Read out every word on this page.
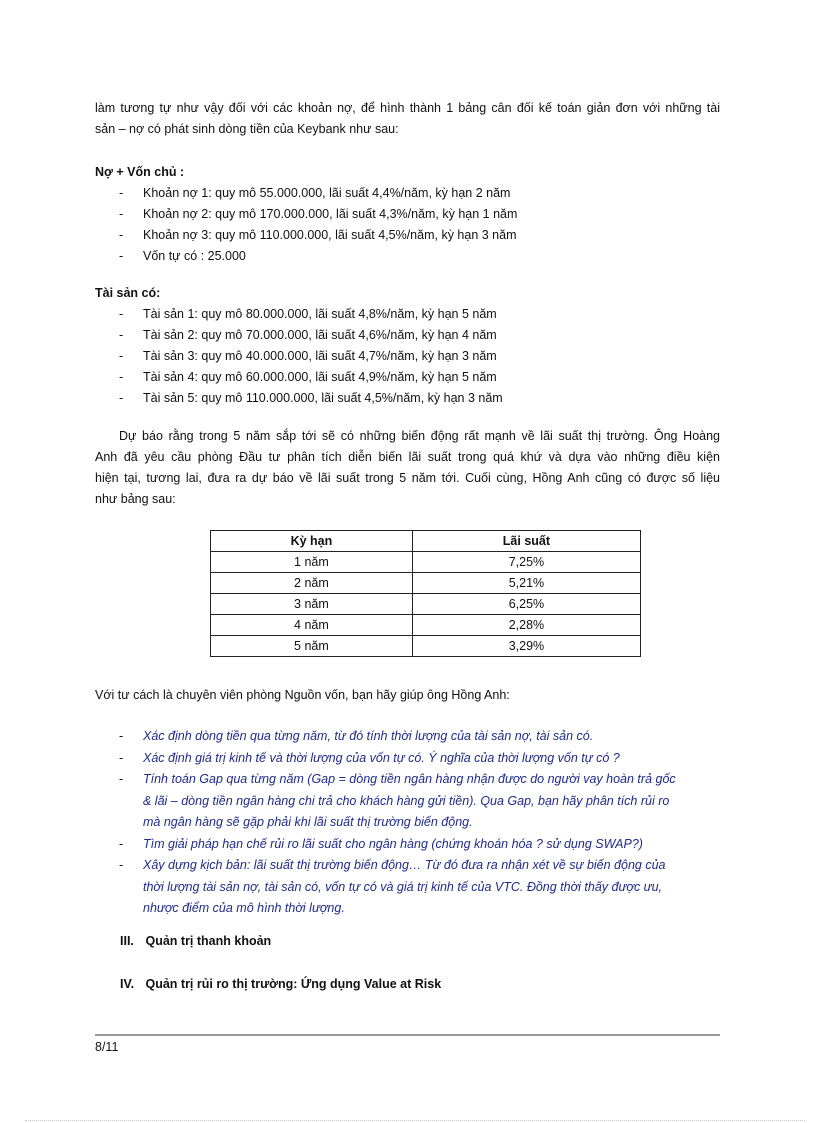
làm tương tự như vậy đối với các khoản nợ, để hình thành 1 bảng cân đối kế toán giản đơn với những tài
sản – nợ có phát sinh dòng tiền của Keybank như sau:
Nợ + Vốn chủ :
- Khoản nợ 1: quy mô 55.000.000, lãi suất 4,4%/năm, kỳ hạn 2 năm
- Khoản nợ 2: quy mô 170.000.000, lãi suất 4,3%/năm, kỳ hạn 1 năm
- Khoản nợ 3: quy mô 110.000.000, lãi suất 4,5%/năm, kỳ hạn 3 năm
- Vốn tự có : 25.000
Tài sản có:
- Tài sản 1: quy mô 80.000.000, lãi suất 4,8%/năm, kỳ hạn 5 năm
- Tài sản 2: quy mô 70.000.000, lãi suất 4,6%/năm, kỳ hạn 4 năm
- Tài sản 3: quy mô 40.000.000, lãi suất 4,7%/năm, kỳ hạn 3 năm
- Tài sản 4: quy mô 60.000.000, lãi suất 4,9%/năm, kỳ hạn 5 năm
- Tài sản 5: quy mô 110.000.000, lãi suất 4,5%/năm, kỳ hạn 3 năm
Dự báo rằng trong 5 năm sắp tới sẽ có những biến động rất mạnh về lãi suất thị trường. Ông Hoàng
Anh đã yêu cầu phòng Đầu tư phân tích diễn biến lãi suất trong quá khứ và dựa vào những điều kiện
hiện tại, tương lai, đưa ra dự báo về lãi suất trong 5 năm tới. Cuối cùng, Hồng Anh cũng có được số liệu
như bảng sau:
Kỳ hạn	Lãi suất
1 năm	7,25%
2 năm	5,21%
3 năm	6,25%
4 năm	2,28%
5 năm	3,29%
Với tư cách là chuyên viên phòng Nguồn vốn, bạn hãy giúp ông Hồng Anh:
- Xác định dòng tiền qua từng năm, từ đó tính thời lượng của tài sản nợ, tài sản có.
- Xác định giá trị kinh tế và thời lượng của vốn tự có. Ý nghĩa của thời lượng vốn tự có ?
- Tính toán Gap qua từng năm (Gap = dòng tiền ngân hàng nhận được do người vay hoàn trả gốc
& lãi – dòng tiền ngân hàng chi trả cho khách hàng gửi tiền). Qua Gap, bạn hãy phân tích rủi ro
mà ngân hàng sẽ gặp phải khi lãi suất thị trường biến động.
- Tìm giải pháp hạn chế rủi ro lãi suất cho ngân hàng (chứng khoán hóa ? sử dụng SWAP?)
- Xây dựng kịch bản: lãi suất thị trường biến động… Từ đó đưa ra nhận xét về sự biến động của
thời lượng tài sản nợ, tài sản có, vốn tự có và giá trị kinh tế của VTC. Đồng thời thấy được ưu,
nhược điểm của mô hình thời lượng.
III. Quản trị thanh khoản
IV. Quản trị rủi ro thị trường: Ứng dụng Value at Risk
8/11
